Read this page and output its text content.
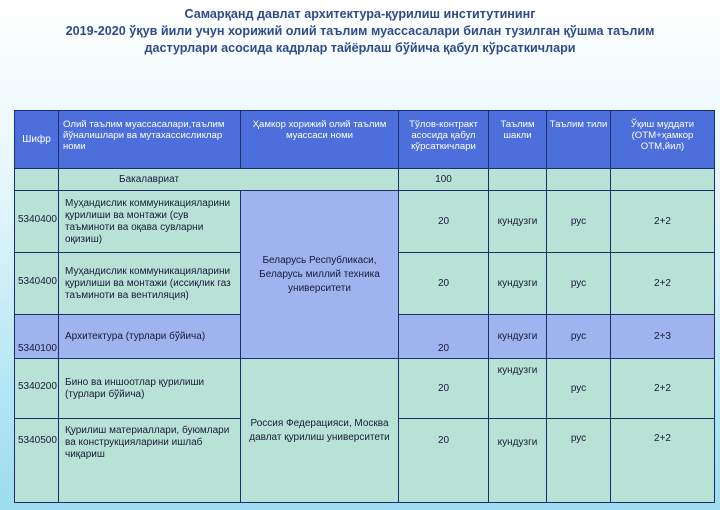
Самарқанд давлат архитектура-қурилиш институтининг
2019-2020 ўқув йили учун хорижий олий таълим муассасалари билан тузилган қўшма таълим
дастурлари асосида кадрлар тайёрлаш бўйича қабул кўрсаткичлари
Шифр	Олий таълим муассасалари,таълим йўналишлари ва мутахассисликлар номи	Ҳамкор хорижий олий таълим муассаси номи	Тўлов-контракт асосида қабул кўрсаткичлари	Таълим шакли	Таълим тили	Ўқиш муддати (ОТМ+ҳамкор ОТМ,йил)
	Бакалавриат		100			
5340400	Муҳандислик коммуникацияларини қурилиши ва монтажи (сув таъминоти ва оқава сувларни оқизиш)	Беларусь Республикаси, Беларусь миллий техника университети	20	кундузги	рус	2+2
5340400	Муҳандислик коммуникацияларини қурилиши ва монтажи (иссиқлик газ таъминоти ва вентиляция)		20	кундузги	рус	2+2
5340100	Архитектура (турлари бўйича)		20	кундузги	рус	2+3
5340200	Бино ва иншоотлар қурилиши (турлари бўйича)	Россия Федерацияси, Москва давлат қурилиш университети	20	кундузги	рус	2+2
5340500	Қурилиш материаллари, буюмлари ва конструкцияларини ишлаб чиқариш		20	кундузги	рус	2+2
